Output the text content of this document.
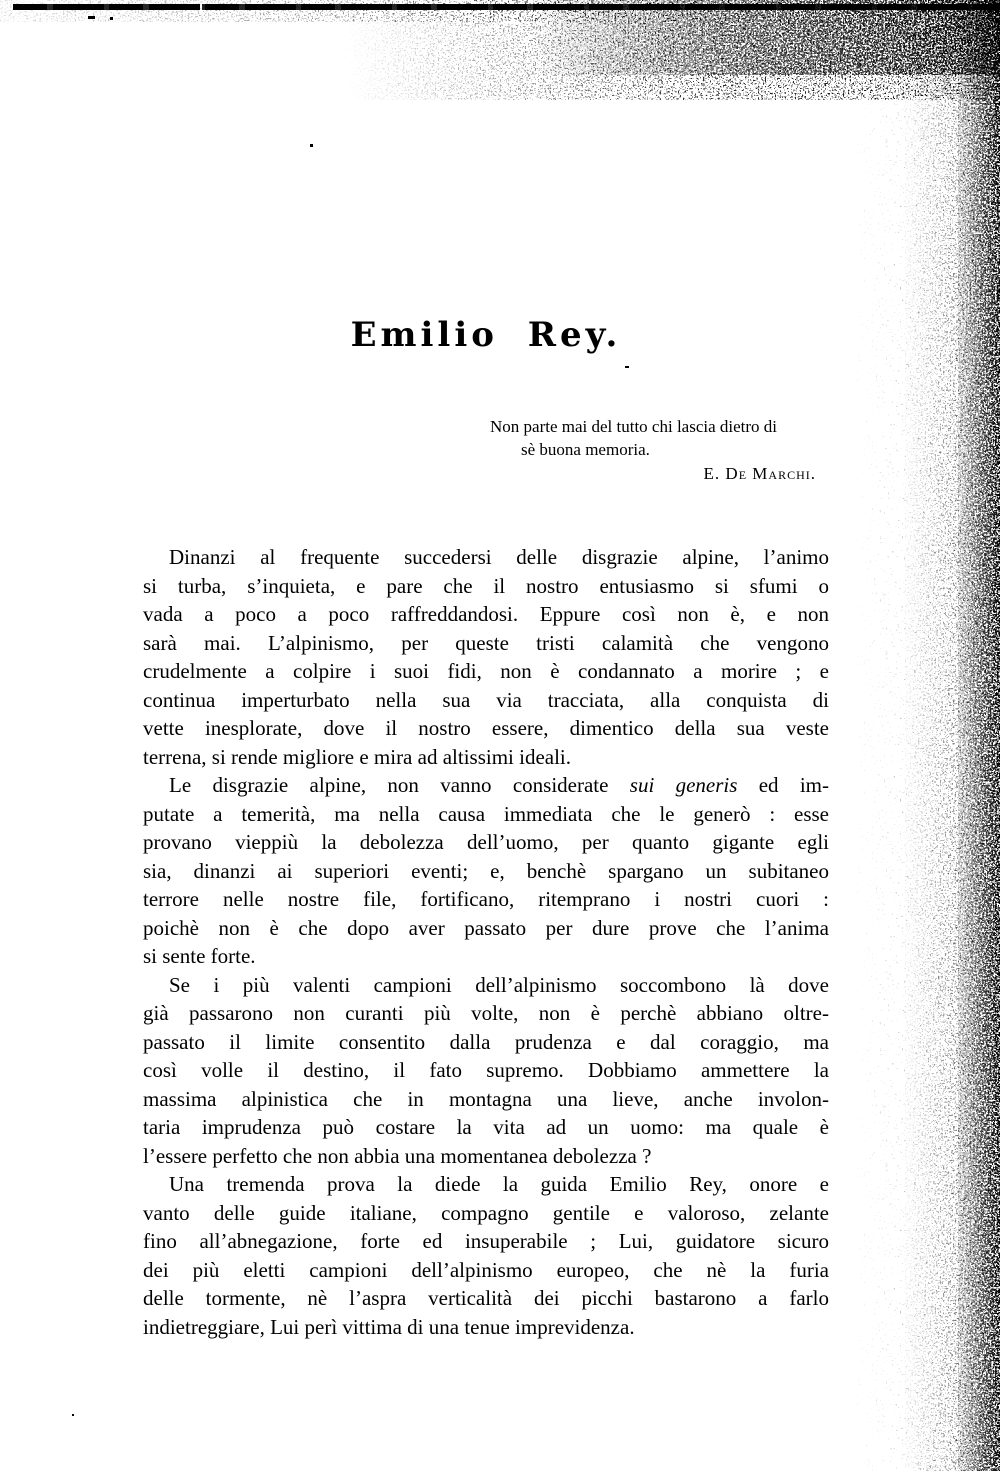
Emilio Rey.
Non parte mai del tutto chi lascia dietro di
sè buona memoria.
E. De Marchi.
Dinanzi al frequente succedersi delle disgrazie alpine, l’animo
si turba, s’inquieta, e pare che il nostro entusiasmo si sfumi o
vada a poco a poco raffreddandosi. Eppure così non è, e non
sarà mai. L’alpinismo, per queste tristi calamità che vengono
crudelmente a colpire i suoi fidi, non è condannato a morire ; e
continua imperturbato nella sua via tracciata, alla conquista di
vette inesplorate, dove il nostro essere, dimentico della sua veste
terrena, si rende migliore e mira ad altissimi ideali.
Le disgrazie alpine, non vanno considerate sui generis ed im-
putate a temerità, ma nella causa immediata che le generò : esse
provano vieppiù la debolezza dell’uomo, per quanto gigante egli
sia, dinanzi ai superiori eventi; e, benchè spargano un subitaneo
terrore nelle nostre file, fortificano, ritemprano i nostri cuori :
poichè non è che dopo aver passato per dure prove che l’anima
si sente forte.
Se i più valenti campioni dell’alpinismo soccombono là dove
già passarono non curanti più volte, non è perchè abbiano oltre-
passato il limite consentito dalla prudenza e dal coraggio, ma
così volle il destino, il fato supremo. Dobbiamo ammettere la
massima alpinistica che in montagna una lieve, anche involon-
taria imprudenza può costare la vita ad un uomo: ma quale è
l’essere perfetto che non abbia una momentanea debolezza ?
Una tremenda prova la diede la guida Emilio Rey, onore e
vanto delle guide italiane, compagno gentile e valoroso, zelante
fino all’abnegazione, forte ed insuperabile ; Lui, guidatore sicuro
dei più eletti campioni dell’alpinismo europeo, che nè la furia
delle tormente, nè l’aspra verticalità dei picchi bastarono a farlo
indietreggiare, Lui perì vittima di una tenue imprevidenza.
